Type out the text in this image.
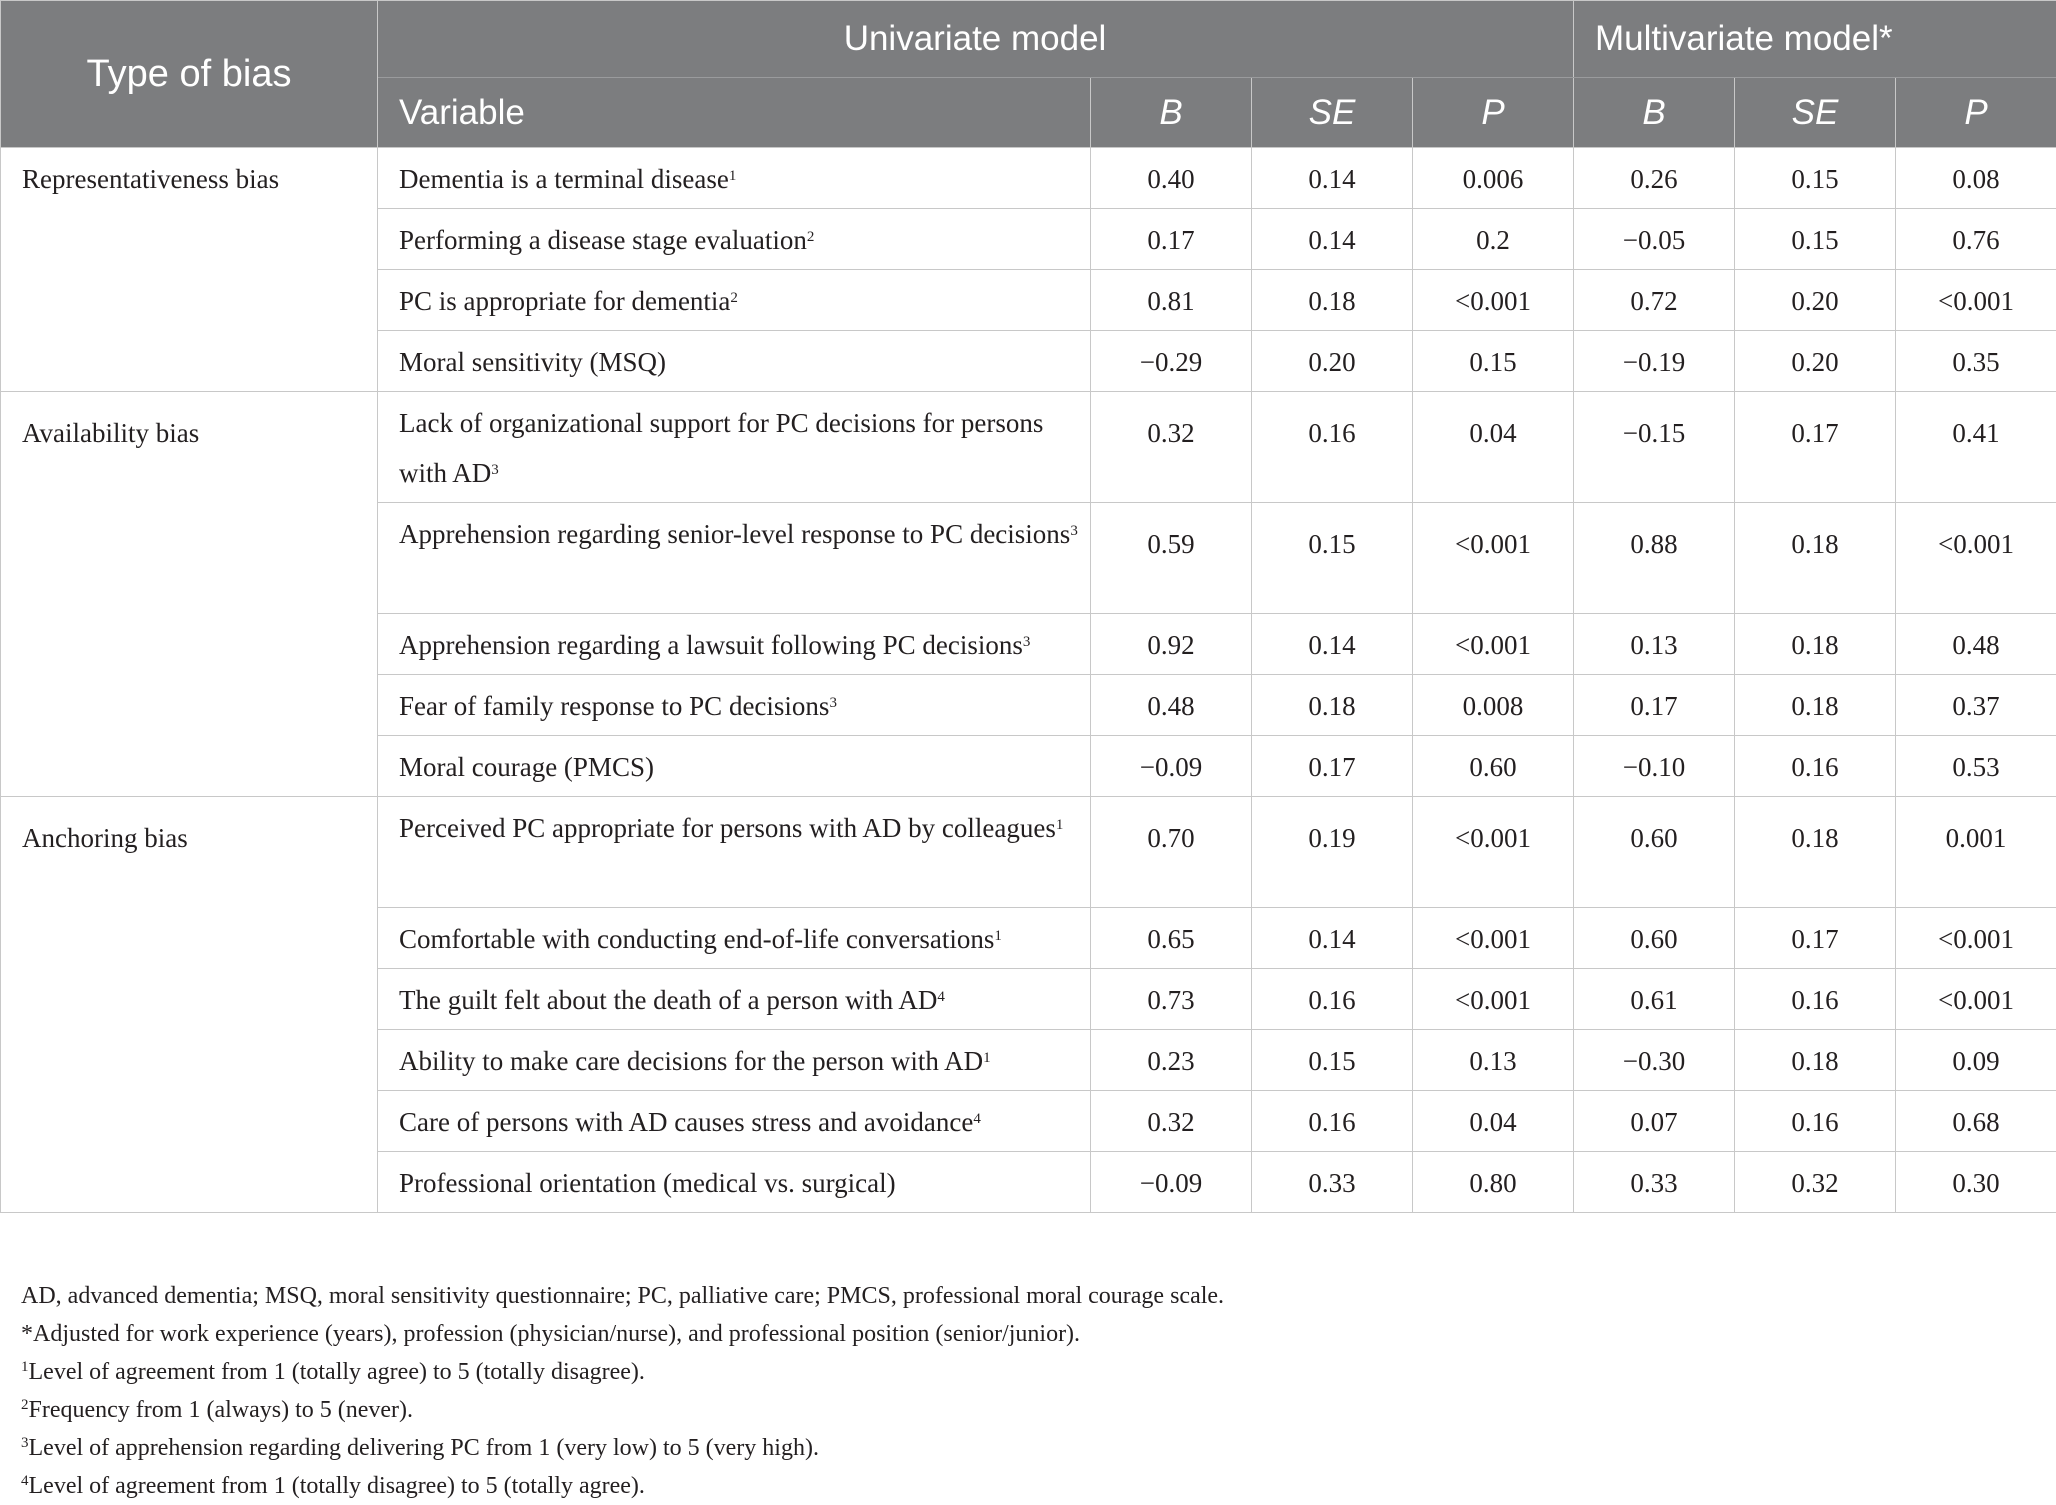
Type of bias	Univariate model				Multivariate model*		
	Variable	B	SE	P	B	SE	P
Representativeness bias	Dementia is a terminal disease$^1$	0.40	0.14	0.006	0.26	0.15	0.08
	Performing a disease stage evaluation$^2$	0.17	0.14	0.2	−0.05	0.15	0.76
	PC is appropriate for dementia$^2$	0.81	0.18	<0.001	0.72	0.20	<0.001
	Moral sensitivity (MSQ)	−0.29	0.20	0.15	−0.19	0.20	0.35
Availability bias	Lack of organizational support for PC decisions for persons with $AD^3$	0.32	0.16	0.04	−0.15	0.17	0.41
	Apprehension regarding senior-level response to PC decisions$^3$	0.59	0.15	<0.001	0.88	0.18	<0.001
	Apprehension regarding a lawsuit following PC decisions$^3$	0.92	0.14	<0.001	0.13	0.18	0.48
	Fear of family response to PC decisions$^3$	0.48	0.18	0.008	0.17	0.18	0.37
	Moral courage (PMCS)	−0.09	0.17	0.60	−0.10	0.16	0.53
Anchoring bias	Perceived PC appropriate for persons with AD by colleagues$^1$	0.70	0.19	<0.001	0.60	0.18	0.001
	Comfortable with conducting end-of-life conversations$^1$	0.65	0.14	<0.001	0.60	0.17	<0.001
	The guilt felt about the death of a person with $AD^4$	0.73	0.16	<0.001	0.61	0.16	<0.001
	Ability to make care decisions for the person with $AD^1$	0.23	0.15	0.13	−0.30	0.18	0.09
	Care of persons with AD causes stress and avoidance$^4$	0.32	0.16	0.04	0.07	0.16	0.68
	Professional orientation (medical vs. surgical)	−0.09	0.33	0.80	0.33	0.32	0.30

AD, advanced dementia; MSQ, moral sensitivity questionnaire; PC, palliative care; PMCS, professional moral courage scale.

*Adjusted for work experience (years), profession (physician/nurse), and professional position (senior/junior).

$^1$Level of agreement from 1 (totally agree) to 5 (totally disagree).

$^2$Frequency from 1 (always) to 5 (never).

$^3$Level of apprehension regarding delivering PC from 1 (very low) to 5 (very high).

$^4$Level of agreement from 1 (totally disagree) to 5 (totally agree).
